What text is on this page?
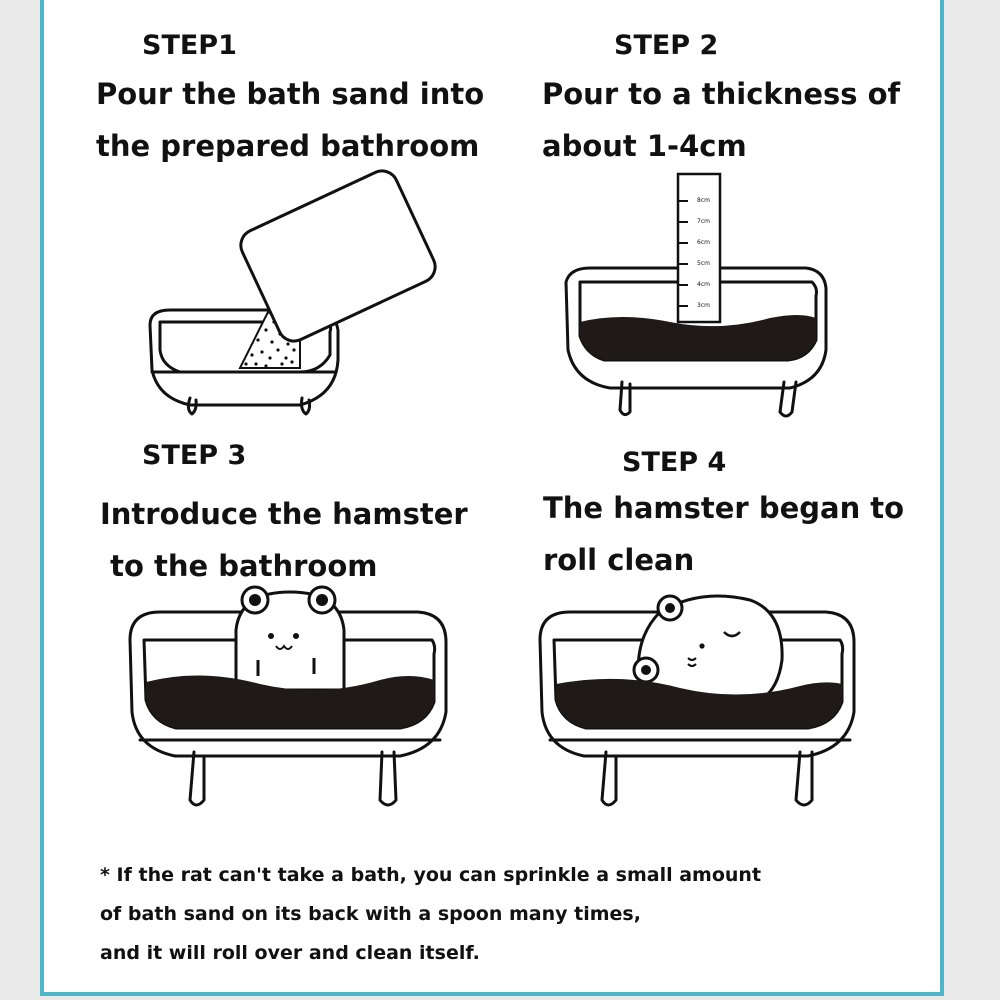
STEP1
Pour the bath sand into
the prepared bathroom
STEP 2
Pour to a thickness of
about 1-4cm
STEP 3
Introduce the hamster
to the bathroom
STEP 4
The hamster began to
roll clean
8cm
7cm
6cm
5cm
4cm
3cm
* If the rat can't take a bath, you can sprinkle a small amount
of bath sand on its back with a spoon many times,
and it will roll over and clean itself.
